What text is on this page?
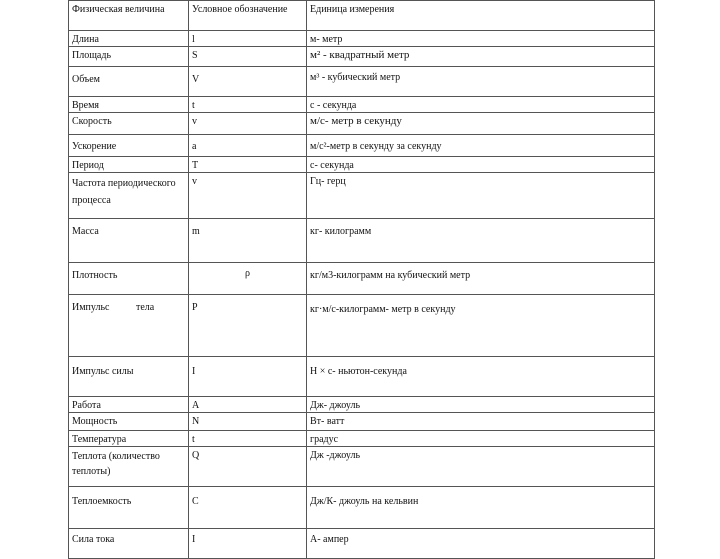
Физическая величина	Условное обозначение	Единица измерения
Длина	l	м- метр
Площадь	S	м² - квадратный метр
Объем	V	м³ - кубический метр
Время	t	с - секунда
Скорость	v	м/с- метр в секунду
Ускорение	a	м/с²-метр в секунду за секунду
Период	T	с- секунда
Частота периодического процесса	v	Гц- герц
Масса	m	кг- килограмм
Плотность	ρ	кг/м3-килограмм на кубический метр
Импульс тела	P	кг·м/с-килограмм- метр в секунду
Импульс силы	I	Н × с- ньютон-секунда
Работа	A	Дж- джоуль
Мощность	N	Вт- ватт
Температура	t	градус
Теплота (количество теплоты)	Q	Дж -джоуль
Теплоемкость	C	Дж/К- джоуль на кельвин
Сила тока	I	А- ампер
